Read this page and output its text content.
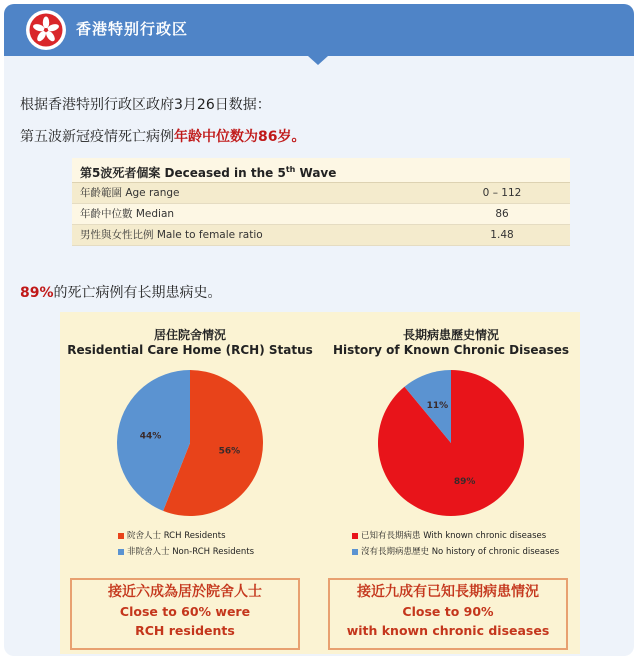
香港特别行政区
根据香港特别行政区政府3月26日数据：
第五波新冠疫情死亡病例年龄中位数为86岁。
第5波死者個案 Deceased in the 5th Wave
年齡範圍 Age range	0 – 112
年齡中位數 Median	86
男性與女性比例 Male to female ratio	1.48
89%的死亡病例有长期患病史。
居住院舍情況
Residential Care Home (RCH) Status
56%
44%
院舍人士 RCH Residents
非院舍人士 Non-RCH Residents
接近六成為居於院舍人士
Close to 60% were
RCH residents
長期病患歷史情況
History of Known Chronic Diseases
89%
11%
已知有長期病患 With known chronic diseases
沒有長期病患歷史 No history of chronic diseases
接近九成有已知長期病患情況
Close to 90%
with known chronic diseases
